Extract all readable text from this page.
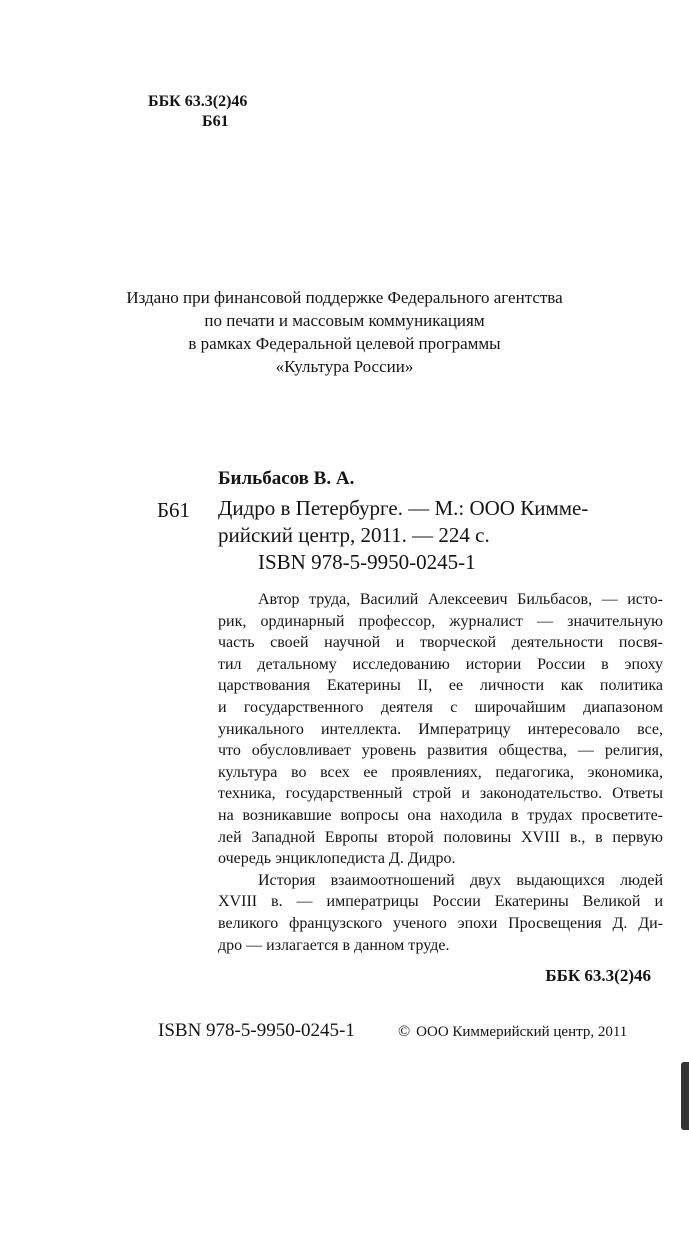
ББК 63.3(2)46
Б61
Издано при финансовой поддержке Федерального агентства
по печати и массовым коммуникациям
в рамках Федеральной целевой программы
«Культура России»
Бильбасов В. А.
Б61 Дидро в Петербурге. — М.: ООО Кимме-
рийский центр, 2011. — 224 с.
ISBN 978-5-9950-0245-1
Автор труда, Василий Алексеевич Бильбасов, — исто-
рик, ординарный профессор, журналист — значительную
часть своей научной и творческой деятельности посвя-
тил детальному исследованию истории России в эпоху
царствования Екатерины II, ее личности как политика
и государственного деятеля с широчайшим диапазоном
уникального интеллекта. Императрицу интересовало все,
что обусловливает уровень развития общества, — религия,
культура во всех ее проявлениях, педагогика, экономика,
техника, государственный строй и законодательство. Ответы
на возникавшие вопросы она находила в трудах просветите-
лей Западной Европы второй половины XVIII в., в первую
очередь энциклопедиста Д. Дидро.
История взаимоотношений двух выдающихся людей
XVIII в. — императрицы России Екатерины Великой и
великого французского ученого эпохи Просвещения Д. Ди-
дро — излагается в данном труде.
ББК 63.3(2)46
ISBN 978-5-9950-0245-1	© ООО Киммерийский центр, 2011
